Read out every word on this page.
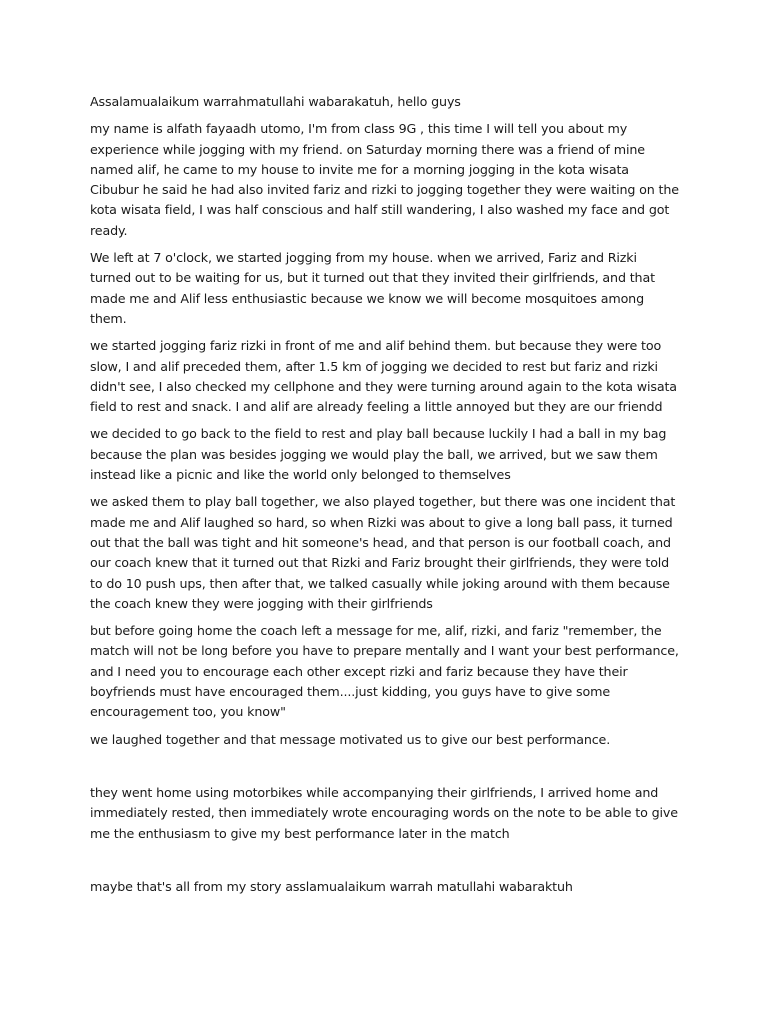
Assalamualaikum warrahmatullahi wabarakatuh, hello guys

my name is alfath fayaadh utomo, I'm from class 9G , this time I will tell you about my experience while jogging with my friend. on Saturday morning there was a friend of mine named alif, he came to my house to invite me for a morning jogging in the kota wisata Cibubur he said he had also invited fariz and rizki to jogging together they were waiting on the kota wisata field, I was half conscious and half still wandering, I also washed my face and got ready.

We left at 7 o'clock, we started jogging from my house. when we arrived, Fariz and Rizki turned out to be waiting for us, but it turned out that they invited their girlfriends, and that made me and Alif less enthusiastic because we know we will become mosquitoes among them.

we started jogging fariz rizki in front of me and alif behind them. but because they were too slow, I and alif preceded them, after 1.5 km of jogging we decided to rest but fariz and rizki didn't see, I also checked my cellphone and they were turning around again to the kota wisata field to rest and snack. I and alif are already feeling a little annoyed but they are our friendd

we decided to go back to the field to rest and play ball because luckily I had a ball in my bag because the plan was besides jogging we would play the ball, we arrived, but we saw them instead like a picnic and like the world only belonged to themselves

we asked them to play ball together, we also played together, but there was one incident that made me and Alif laughed so hard, so when Rizki was about to give a long ball pass, it turned out that the ball was tight and hit someone's head, and that person is our football coach, and our coach knew that it turned out that Rizki and Fariz brought their girlfriends, they were told to do 10 push ups, then after that, we talked casually while joking around with them because the coach knew they were jogging with their girlfriends

but before going home the coach left a message for me, alif, rizki, and fariz "remember, the match will not be long before you have to prepare mentally and I want your best performance, and I need you to encourage each other except rizki and fariz because they have their boyfriends must have encouraged them....just kidding, you guys have to give some encouragement too, you know"

we laughed together and that message motivated us to give our best performance.

they went home using motorbikes while accompanying their girlfriends, I arrived home and immediately rested, then immediately wrote encouraging words on the note to be able to give me the enthusiasm to give my best performance later in the match

maybe that's all from my story asslamualaikum warrah matullahi wabaraktuh
